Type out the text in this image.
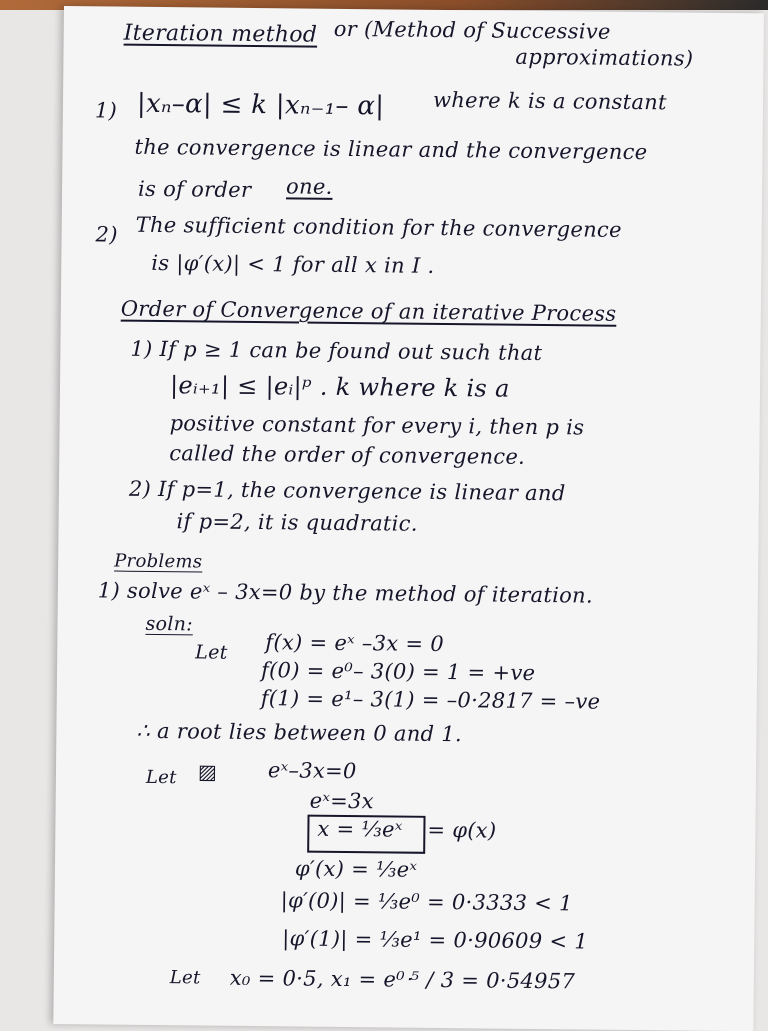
Iteration method or (Method of Successive
approximations)
1) |xₙ–α| ≤ k |xₙ₋₁– α| where k is a constant
the convergence is linear and the convergence
is of order one.
2) The sufficient condition for the convergence
is |φ′(x)| < 1 for all x in I .
Order of Convergence of an iterative Process
1) If p ≥ 1 can be found out such that
|eᵢ₊₁| ≤ |eᵢ|ᵖ . k where k is a
positive constant for every i, then p is
called the order of convergence.
2) If p=1, the convergence is linear and
if p=2, it is quadratic.
Problems
1) solve eˣ – 3x=0 by the method of iteration.
soln:
Let f(x) = eˣ –3x = 0
f(0) = e⁰– 3(0) = 1 = +ve
f(1) = e¹– 3(1) = –0·2817 = –ve
∴ a root lies between 0 and 1.
Let ▨ eˣ–3x=0
eˣ=3x
x = ⅓eˣ = φ(x)
φ′(x) = ⅓eˣ
|φ′(0)| = ⅓e⁰ = 0·3333 < 1
|φ′(1)| = ⅓e¹ = 0·90609 < 1
Let x₀ = 0·5, x₁ = e⁰ᐧ⁵ / 3 = 0·54957
